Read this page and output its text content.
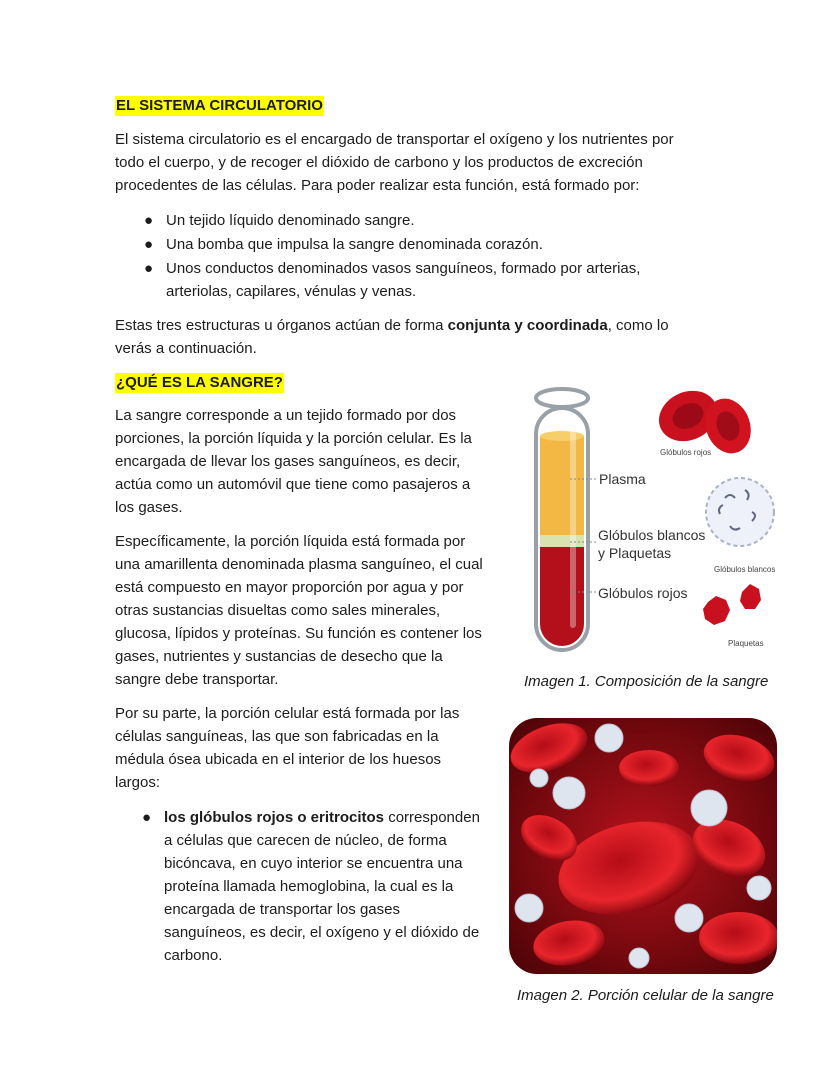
EL SISTEMA CIRCULATORIO

El sistema circulatorio es el encargado de transportar el oxígeno y los nutrientes por

todo el cuerpo, y de recoger el dióxido de carbono y los productos de excreción

procedentes de las células. Para poder realizar esta función, está formado por:

● Un tejido líquido denominado sangre.
● Una bomba que impulsa la sangre denominada corazón.
● Unos conductos denominados vasos sanguíneos, formado por arterias,
arteriolas, capilares, vénulas y venas.

Estas tres estructuras u órganos actúan de forma conjunta y coordinada, como lo

verás a continuación.

¿QUÉ ES LA SANGRE?

La sangre corresponde a un tejido formado por dos

porciones, la porción líquida y la porción celular. Es la

encargada de llevar los gases sanguíneos, es decir,

actúa como un automóvil que tiene como pasajeros a

los gases.

Específicamente, la porción líquida está formada por

una amarillenta denominada plasma sanguíneo, el cual

está compuesto en mayor proporción por agua y por

otras sustancias disueltas como sales minerales,

glucosa, lípidos y proteínas. Su función es contener los

gases, nutrientes y sustancias de desecho que la

sangre debe transportar.

Por su parte, la porción celular está formada por las

células sanguíneas, las que son fabricadas en la

médula ósea ubicada en el interior de los huesos

largos:

● los glóbulos rojos o eritrocitos corresponden
a células que carecen de núcleo, de forma
bicóncava, en cuyo interior se encuentra una
proteína llamada hemoglobina, la cual es la
encargada de transportar los gases
sanguíneos, es decir, el oxígeno y el dióxido de
carbono.
Plasma
Glóbulos blancos
y Plaquetas
Glóbulos rojos
Glóbulos rojos
Glóbulos blancos
Plaquetas
Imagen 1. Composición de la sangre
Imagen 2. Porción celular de la sangre
